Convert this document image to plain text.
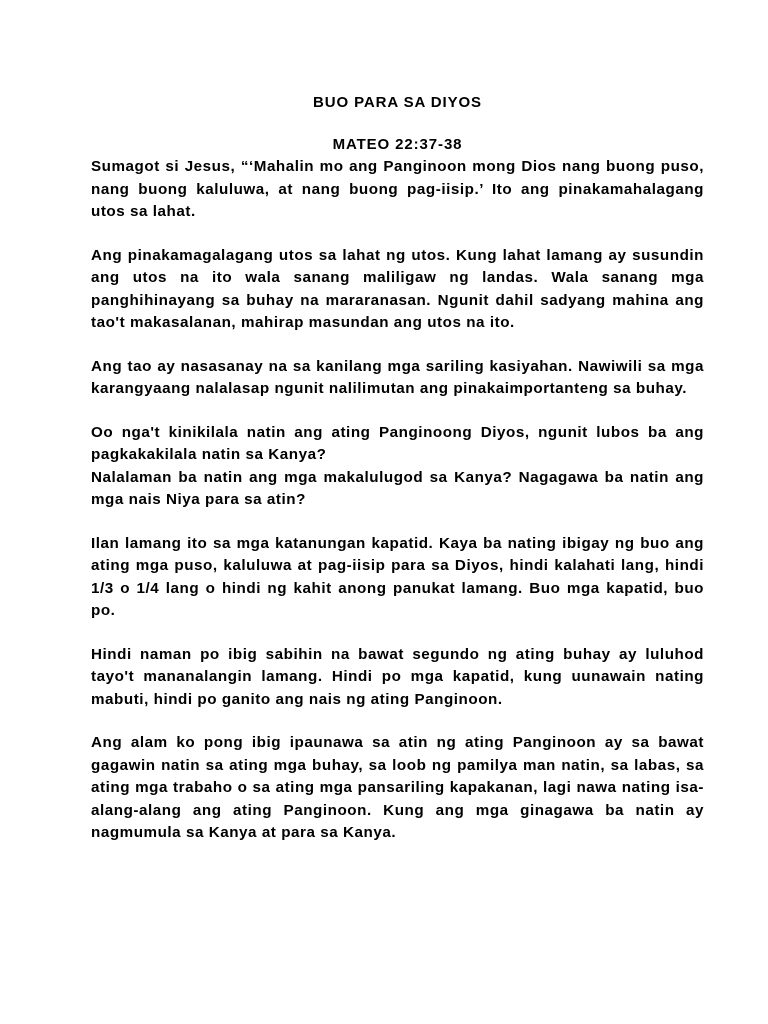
BUO PARA SA DIYOS
MATEO 22:37-38

Sumagot si Jesus, “‘Mahalin mo ang Panginoon mong Dios nang buong puso, nang buong kaluluwa, at nang buong pag-iisip.’ Ito ang pinakamahalagang utos sa lahat.

Ang pinakamagalagang utos sa lahat ng utos. Kung lahat lamang ay susundin ang utos na ito wala sanang maliligaw ng landas. Wala sanang mga panghihinayang sa buhay na mararanasan. Ngunit dahil sadyang mahina ang tao't makasalanan, mahirap masundan ang utos na ito.

Ang tao ay nasasanay na sa kanilang mga sariling kasiyahan. Nawiwili sa mga karangyaang nalalasap ngunit nalilimutan ang pinakaimportanteng sa buhay.

Oo nga't kinikilala natin ang ating Panginoong Diyos, ngunit lubos ba ang pagkakakilala natin sa Kanya?

Nalalaman ba natin ang mga makalulugod sa Kanya? Nagagawa ba natin ang mga nais Niya para sa atin?

Ilan lamang ito sa mga katanungan kapatid. Kaya ba nating ibigay ng buo ang ating mga puso, kaluluwa at pag-iisip para sa Diyos, hindi kalahati lang, hindi 1/3 o 1/4 lang o hindi ng kahit anong panukat lamang. Buo mga kapatid, buo po.

Hindi naman po ibig sabihin na bawat segundo ng ating buhay ay luluhod tayo't mananalangin lamang. Hindi po mga kapatid, kung uunawain nating mabuti, hindi po ganito ang nais ng ating Panginoon.

Ang alam ko pong ibig ipaunawa sa atin ng ating Panginoon ay sa bawat gagawin natin sa ating mga buhay, sa loob ng pamilya man natin, sa labas, sa ating mga trabaho o sa ating mga pansariling kapakanan, lagi nawa nating isa-alang-alang ang ating Panginoon. Kung ang mga ginagawa ba natin ay nagmumula sa Kanya at para sa Kanya.
